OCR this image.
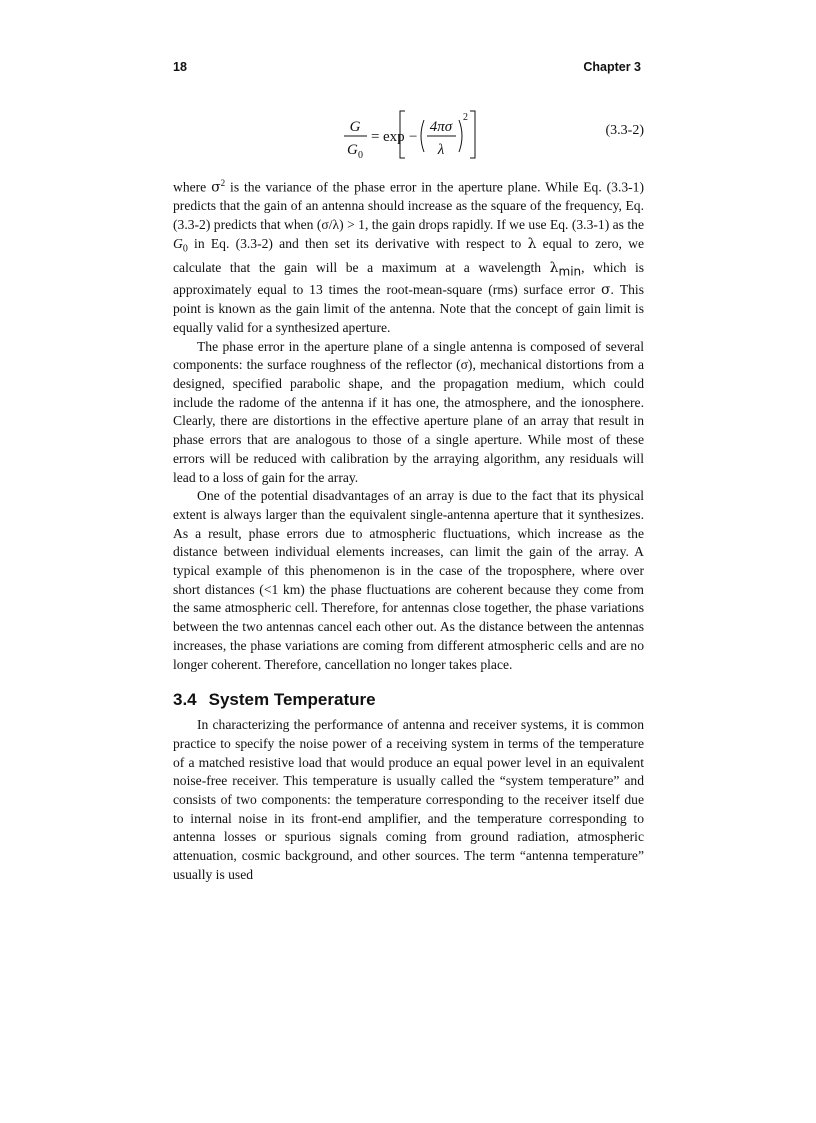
18	Chapter 3
G
G 0
= exp −
4πσ
λ
2
(3.3-2)

where $\sigma^2$ is the variance of the phase error in the aperture plane. While Eq. (3.3-1) predicts that the gain of an antenna should increase as the square of the frequency, Eq. (3.3-2) predicts that when (σ/λ) > 1, the gain drops rapidly. If we use Eq. (3.3-1) as the $G_0$ in Eq. (3.3-2) and then set its derivative with respect to λ equal to zero, we calculate that the gain will be a maximum at a wavelength $\lambda_{min}$, which is approximately equal to 13 times the root-mean-square (rms) surface error σ. This point is known as the gain limit of the antenna. Note that the concept of gain limit is equally valid for a synthesized aperture.

The phase error in the aperture plane of a single antenna is composed of several components: the surface roughness of the reflector (σ), mechanical distortions from a designed, specified parabolic shape, and the propagation medium, which could include the radome of the antenna if it has one, the atmosphere, and the ionosphere. Clearly, there are distortions in the effective aperture plane of an array that result in phase errors that are analogous to those of a single aperture. While most of these errors will be reduced with calibration by the arraying algorithm, any residuals will lead to a loss of gain for the array.

One of the potential disadvantages of an array is due to the fact that its physical extent is always larger than the equivalent single-antenna aperture that it synthesizes. As a result, phase errors due to atmospheric fluctuations, which increase as the distance between individual elements increases, can limit the gain of the array. A typical example of this phenomenon is in the case of the troposphere, where over short distances (<1 km) the phase fluctuations are coherent because they come from the same atmospheric cell. Therefore, for antennas close together, the phase variations between the two antennas cancel each other out. As the distance between the antennas increases, the phase variations are coming from different atmospheric cells and are no longer coherent. Therefore, cancellation no longer takes place.

3.4 System Temperature

In characterizing the performance of antenna and receiver systems, it is common practice to specify the noise power of a receiving system in terms of the temperature of a matched resistive load that would produce an equal power level in an equivalent noise-free receiver. This temperature is usually called the “system temperature” and consists of two components: the temperature corresponding to the receiver itself due to internal noise in its front-end amplifier, and the temperature corresponding to antenna losses or spurious signals coming from ground radiation, atmospheric attenuation, cosmic background, and other sources. The term “antenna temperature” usually is used
